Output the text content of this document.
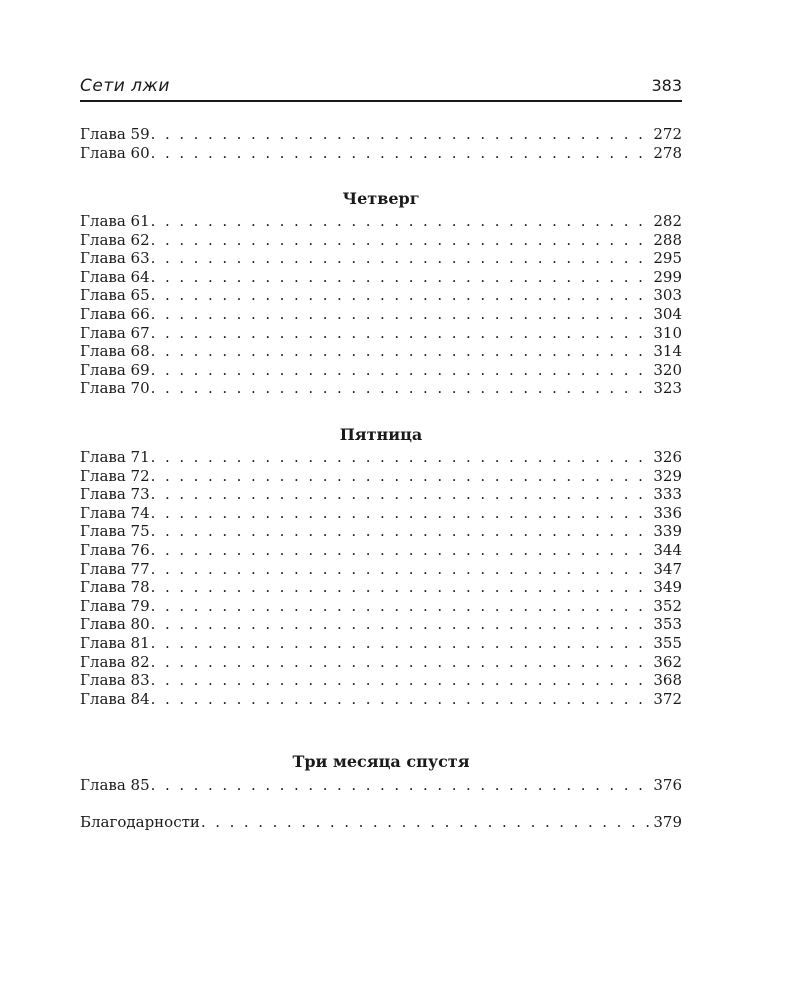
Сети лжи	383
Глава 59 . . .	272
Глава 60 . . .	278
Четверг
Глава 61 . . .	282
Глава 62 . . .	288
Глава 63 . . .	295
Глава 64 . . .	299
Глава 65 . . .	303
Глава 66 . . .	304
Глава 67 . . .	310
Глава 68 . . .	314
Глава 69 . . .	320
Глава 70 . . .	323
Пятница
Глава 71 . . .	326
Глава 72 . . .	329
Глава 73 . . .	333
Глава 74 . . .	336
Глава 75 . . .	339
Глава 76 . . .	344
Глава 77 . . .	347
Глава 78 . . .	349
Глава 79 . . .	352
Глава 80 . . .	353
Глава 81 . . .	355
Глава 82 . . .	362
Глава 83 . . .	368
Глава 84 . . .	372
Три месяца спустя
Глава 85 . . .	376
Благодарности . . .	379
